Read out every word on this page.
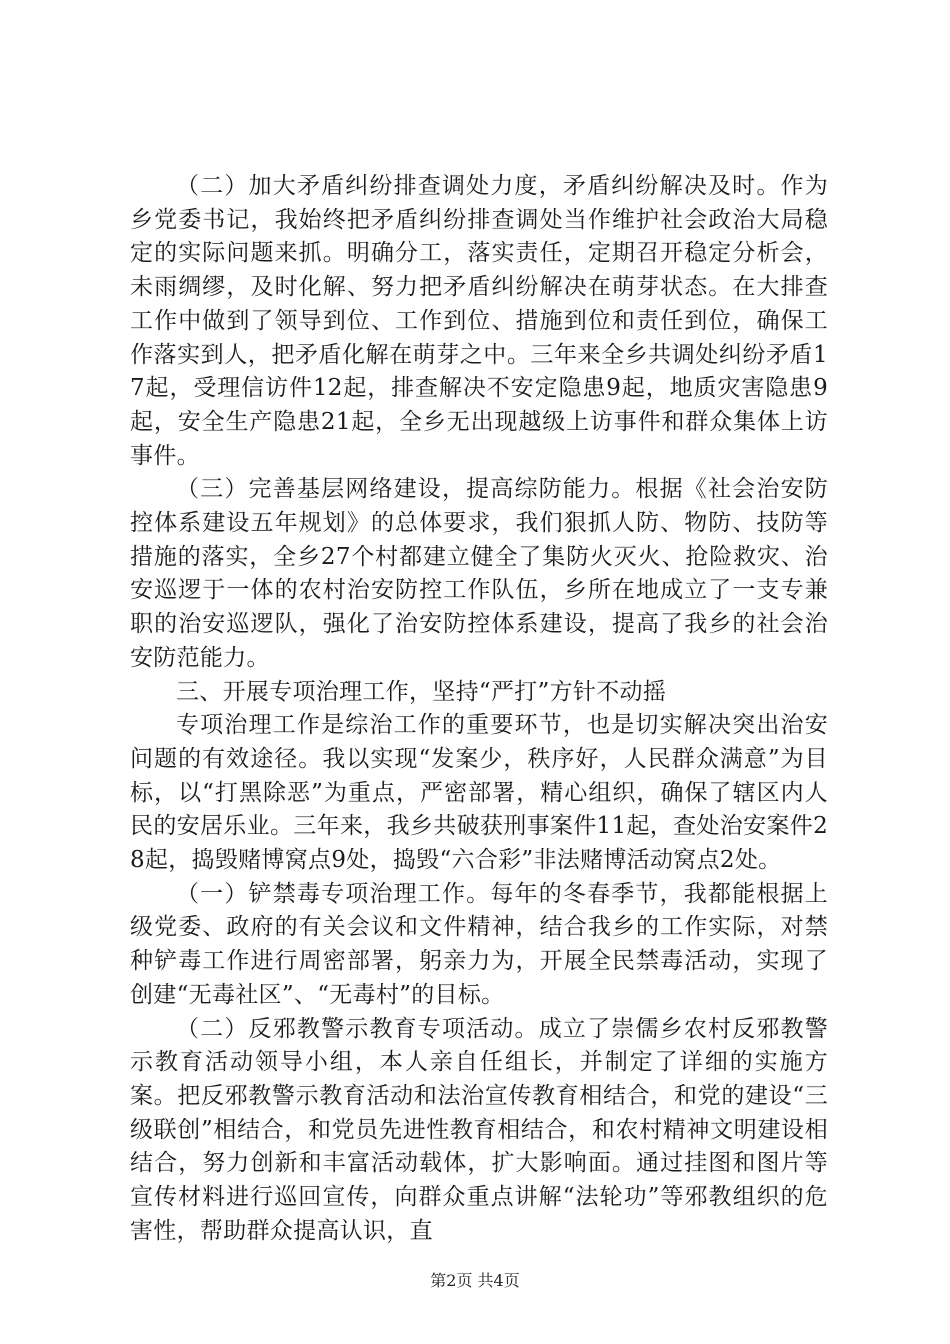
（二）加大矛盾纠纷排查调处力度，矛盾纠纷解决及时。作为乡党委书记，我始终把矛盾纠纷排查调处当作维护社会政治大局稳定的实际问题来抓。明确分工，落实责任，定期召开稳定分析会，未雨绸缪，及时化解、努力把矛盾纠纷解决在萌芽状态。在大排查工作中做到了领导到位、工作到位、措施到位和责任到位，确保工作落实到人，把矛盾化解在萌芽之中。三年来全乡共调处纠纷矛盾17起，受理信访件12起，排查解决不安定隐患9起，地质灾害隐患9起，安全生产隐患21起，全乡无出现越级上访事件和群众集体上访事件。

（三）完善基层网络建设，提高综防能力。根据《社会治安防控体系建设五年规划》的总体要求，我们狠抓人防、物防、技防等措施的落实，全乡27个村都建立健全了集防火灭火、抢险救灾、治安巡逻于一体的农村治安防控工作队伍，乡所在地成立了一支专兼职的治安巡逻队，强化了治安防控体系建设，提高了我乡的社会治安防范能力。

三、开展专项治理工作，坚持“严打”方针不动摇

专项治理工作是综治工作的重要环节，也是切实解决突出治安问题的有效途径。我以实现“发案少，秩序好，人民群众满意”为目标，以“打黑除恶”为重点，严密部署，精心组织，确保了辖区内人民的安居乐业。三年来，我乡共破获刑事案件11起，查处治安案件28起，捣毁赌博窝点9处，捣毁“六合彩”非法赌博活动窝点2处。

（一）铲禁毒专项治理工作。每年的冬春季节，我都能根据上级党委、政府的有关会议和文件精神，结合我乡的工作实际，对禁种铲毒工作进行周密部署，躬亲力为，开展全民禁毒活动，实现了创建“无毒社区”、“无毒村”的目标。

（二）反邪教警示教育专项活动。成立了崇儒乡农村反邪教警示教育活动领导小组，本人亲自任组长，并制定了详细的实施方案。把反邪教警示教育活动和法治宣传教育相结合，和党的建设“三级联创”相结合，和党员先进性教育相结合，和农村精神文明建设相结合，努力创新和丰富活动载体，扩大影响面。通过挂图和图片等宣传材料进行巡回宣传，向群众重点讲解“法轮功”等邪教组织的危害性，帮助群众提高认识，直

第2页 共4页
